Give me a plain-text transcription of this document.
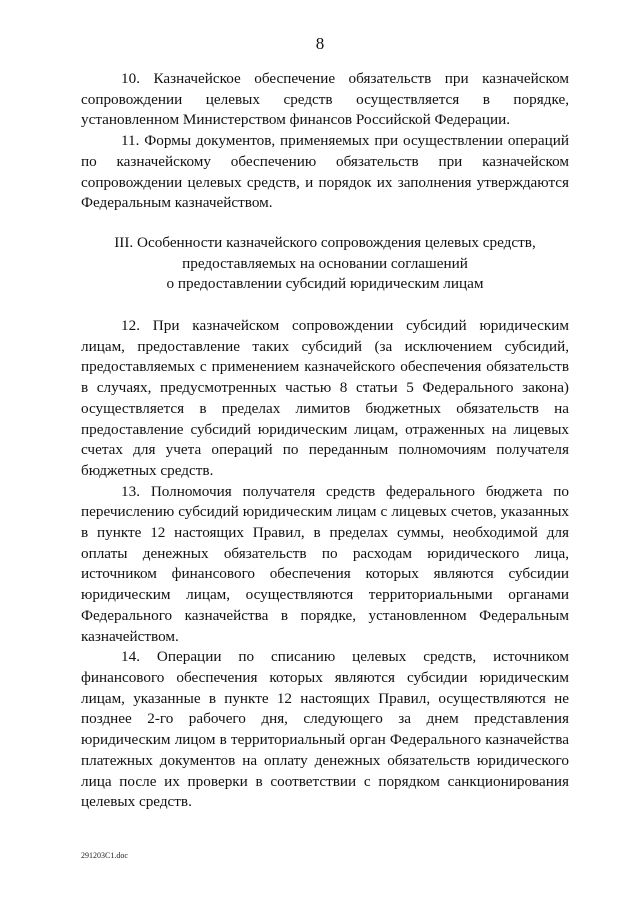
8

10. Казначейское обеспечение обязательств при казначейском сопровождении целевых средств осуществляется в порядке, установленном Министерством финансов Российской Федерации.

11. Формы документов, применяемых при осуществлении операций по казначейскому обеспечению обязательств при казначейском сопровождении целевых средств, и порядок их заполнения утверждаются Федеральным казначейством.

III. Особенности казначейского сопровождения целевых средств,
предоставляемых на основании соглашений
о предоставлении субсидий юридическим лицам

12. При казначейском сопровождении субсидий юридическим лицам, предоставление таких субсидий (за исключением субсидий, предоставляемых с применением казначейского обеспечения обязательств в случаях, предусмотренных частью 8 статьи 5 Федерального закона) осуществляется в пределах лимитов бюджетных обязательств на предоставление субсидий юридическим лицам, отраженных на лицевых счетах для учета операций по переданным полномочиям получателя бюджетных средств.

13. Полномочия получателя средств федерального бюджета по перечислению субсидий юридическим лицам с лицевых счетов, указанных в пункте 12 настоящих Правил, в пределах суммы, необходимой для оплаты денежных обязательств по расходам юридического лица, источником финансового обеспечения которых являются субсидии юридическим лицам, осуществляются территориальными органами Федерального казначейства в порядке, установленном Федеральным казначейством.

14. Операции по списанию целевых средств, источником финансового обеспечения которых являются субсидии юридическим лицам, указанные в пункте 12 настоящих Правил, осуществляются не позднее 2-го рабочего дня, следующего за днем представления юридическим лицом в территориальный орган Федерального казначейства платежных документов на оплату денежных обязательств юридического лица после их проверки в соответствии с порядком санкционирования целевых средств.

291203C1.doc
